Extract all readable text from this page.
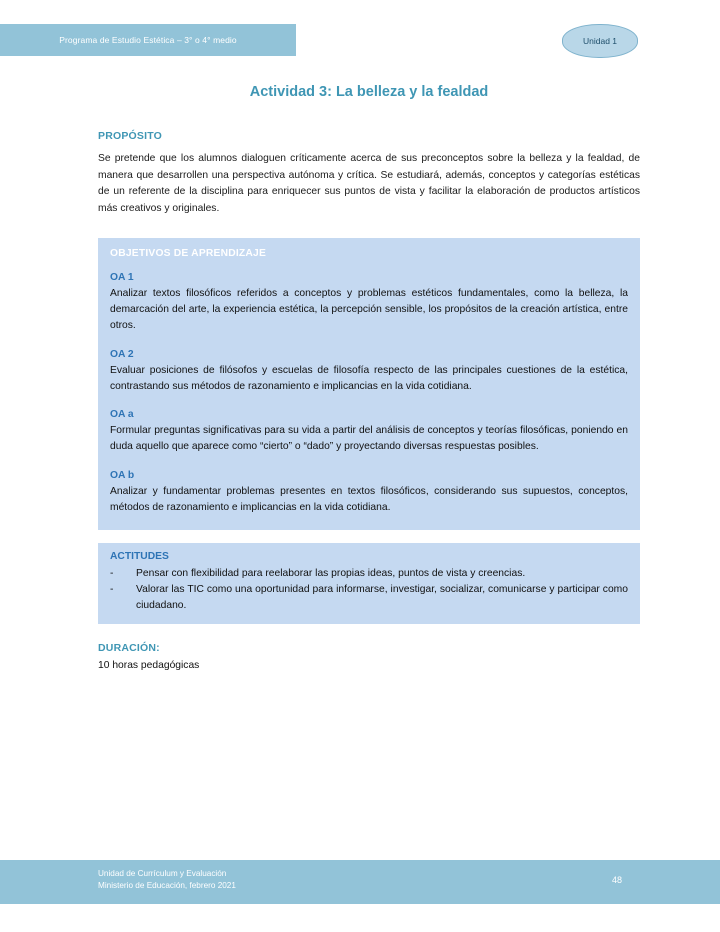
Programa de Estudio Estética – 3° o 4° medio	Unidad 1
Actividad 3: La belleza y la fealdad
PROPÓSITO

Se pretende que los alumnos dialoguen críticamente acerca de sus preconceptos sobre la belleza y la fealdad, de manera que desarrollen una perspectiva autónoma y crítica. Se estudiará, además, conceptos y categorías estéticas de un referente de la disciplina para enriquecer sus puntos de vista y facilitar la elaboración de productos artísticos más creativos y originales.

OBJETIVOS DE APRENDIZAJE
OA 1

Analizar textos filosóficos referidos a conceptos y problemas estéticos fundamentales, como la belleza, la demarcación del arte, la experiencia estética, la percepción sensible, los propósitos de la creación artística, entre otros.

OA 2

Evaluar posiciones de filósofos y escuelas de filosofía respecto de las principales cuestiones de la estética, contrastando sus métodos de razonamiento e implicancias en la vida cotidiana.

OA a

Formular preguntas significativas para su vida a partir del análisis de conceptos y teorías filosóficas, poniendo en duda aquello que aparece como “cierto” o “dado” y proyectando diversas respuestas posibles.

OA b

Analizar y fundamentar problemas presentes en textos filosóficos, considerando sus supuestos, conceptos, métodos de razonamiento e implicancias en la vida cotidiana.

ACTITUDES
-	Pensar con flexibilidad para reelaborar las propias ideas, puntos de vista y creencias.
-	Valorar las TIC como una oportunidad para informarse, investigar, socializar, comunicarse y participar como ciudadano.
DURACIÓN:
10 horas pedagógicas
Unidad de Currículum y Evaluación
Ministerio de Educación, febrero 2021
48
